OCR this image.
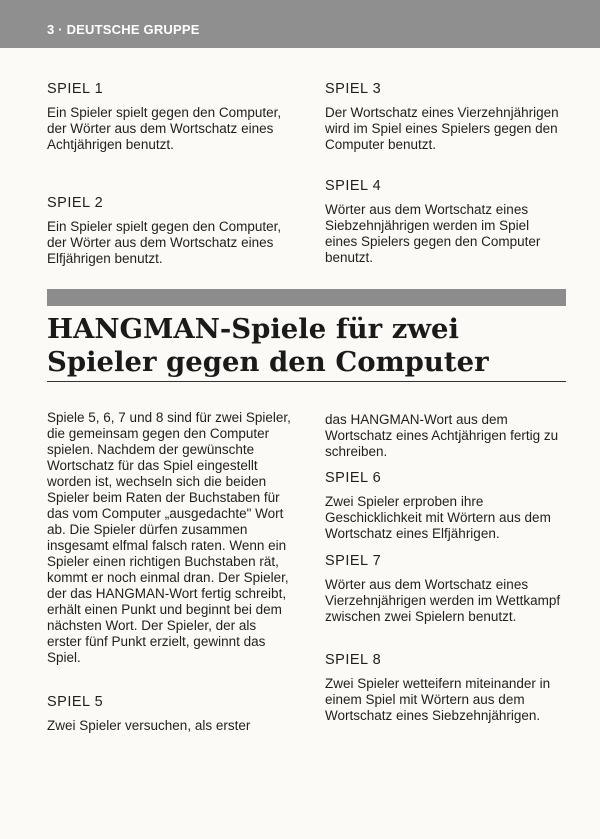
3 · DEUTSCHE GRUPPE
SPIEL 1
Ein Spieler spielt gegen den Computer, der Wörter aus dem Wortschatz eines Achtjährigen benutzt.
SPIEL 2
Ein Spieler spielt gegen den Computer, der Wörter aus dem Wortschatz eines Elfjährigen benutzt.
SPIEL 3
Der Wortschatz eines Vierzehnjährigen wird im Spiel eines Spielers gegen den Computer benutzt.
SPIEL 4
Wörter aus dem Wortschatz eines Siebzehnjährigen werden im Spiel eines Spielers gegen den Computer benutzt.
HANGMAN-Spiele für zwei Spieler gegen den Computer
Spiele 5, 6, 7 und 8 sind für zwei Spieler, die gemeinsam gegen den Computer spielen. Nachdem der gewünschte Wortschatz für das Spiel eingestellt worden ist, wechseln sich die beiden Spieler beim Raten der Buchstaben für das vom Computer „ausgedachte" Wort ab. Die Spieler dürfen zusammen insgesamt elfmal falsch raten. Wenn ein Spieler einen richtigen Buchstaben rät, kommt er noch einmal dran. Der Spieler, der das HANGMAN-Wort fertig schreibt, erhält einen Punkt und beginnt bei dem nächsten Wort. Der Spieler, der als erster fünf Punkt erzielt, gewinnt das Spiel.
SPIEL 5
Zwei Spieler versuchen, als erster
das HANGMAN-Wort aus dem Wortschatz eines Achtjährigen fertig zu schreiben.
SPIEL 6
Zwei Spieler erproben ihre Geschicklichkeit mit Wörtern aus dem Wortschatz eines Elfjährigen.
SPIEL 7
Wörter aus dem Wortschatz eines Vierzehnjährigen werden im Wettkampf zwischen zwei Spielern benutzt.
SPIEL 8
Zwei Spieler wetteifern miteinander in einem Spiel mit Wörtern aus dem Wortschatz eines Siebzehnjährigen.
